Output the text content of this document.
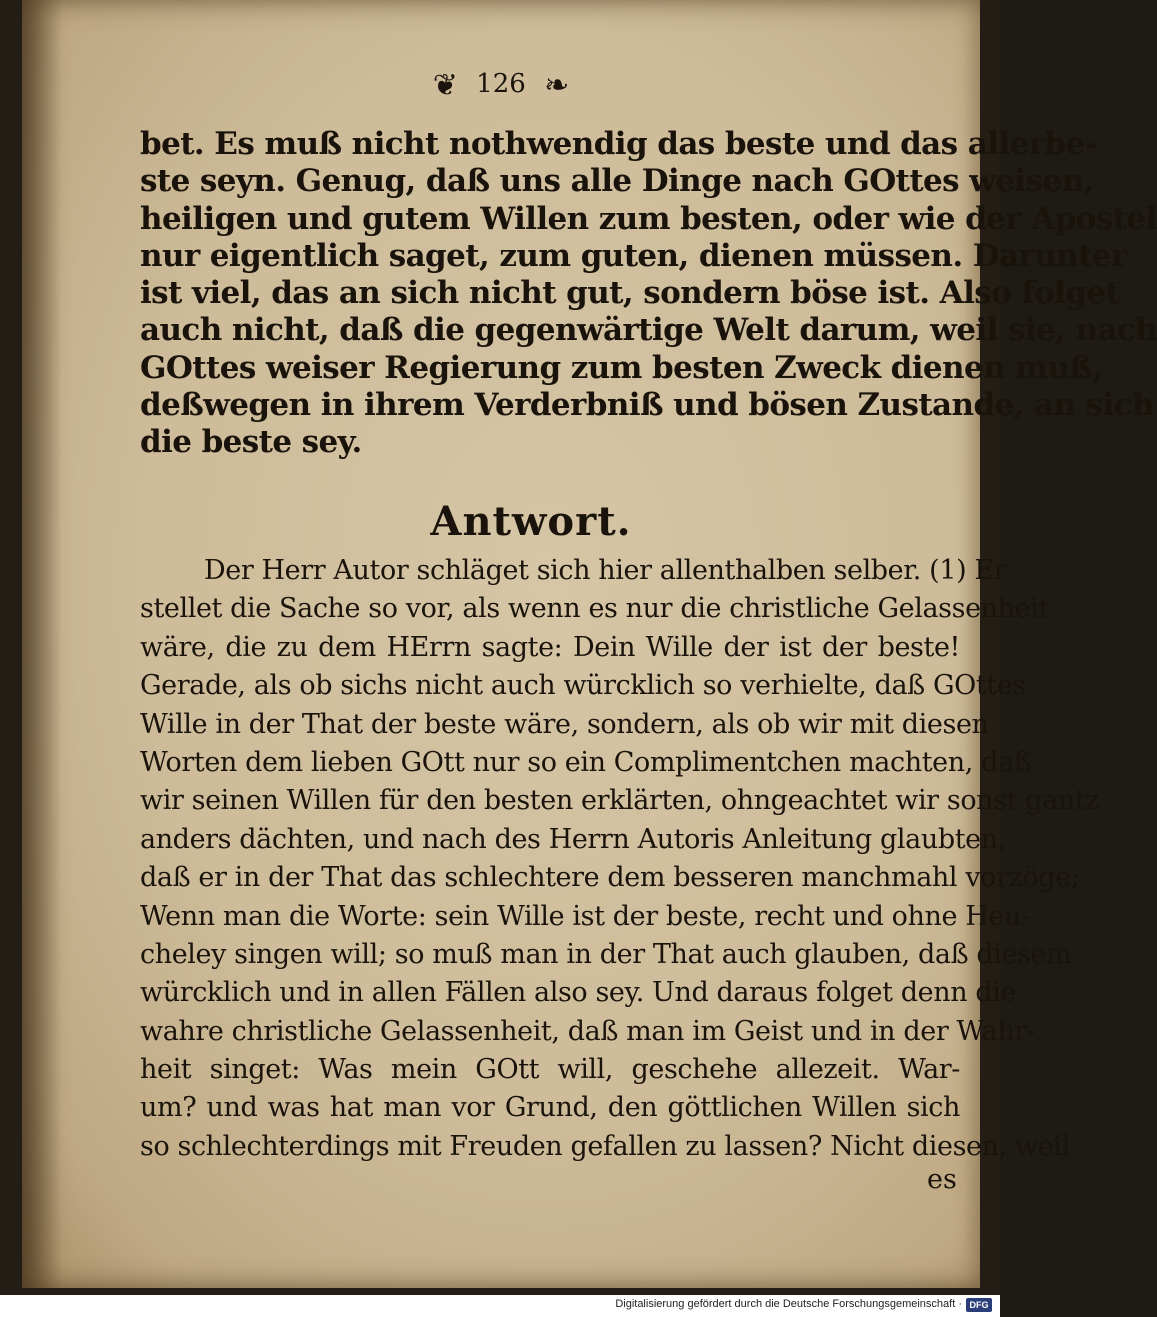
❦ 126 ❧
bet. Es muß nicht nothwendig das beste und das allerbe-
ste seyn. Genug, daß uns alle Dinge nach GOttes weisen,
heiligen und gutem Willen zum besten, oder wie der Apostel
nur eigentlich saget, zum guten, dienen müssen. Darunter
ist viel, das an sich nicht gut, sondern böse ist. Also folget
auch nicht, daß die gegenwärtige Welt darum, weil sie, nach
GOttes weiser Regierung zum besten Zweck dienen muß,
deßwegen in ihrem Verderbniß und bösen Zustande, an sich
die beste sey.
Antwort.
Der Herr Autor schläget sich hier allenthalben selber. (1) Er
stellet die Sache so vor, als wenn es nur die christliche Gelassenheit
wäre, die zu dem HErrn sagte: Dein Wille der ist der beste!
Gerade, als ob sichs nicht auch würcklich so verhielte, daß GOttes
Wille in der That der beste wäre, sondern, als ob wir mit diesen
Worten dem lieben GOtt nur so ein Complimentchen machten, daß
wir seinen Willen für den besten erklärten, ohngeachtet wir sonst gantz
anders dächten, und nach des Herrn Autoris Anleitung glaubten,
daß er in der That das schlechtere dem besseren manchmahl vorzöge;
Wenn man die Worte: sein Wille ist der beste, recht und ohne Heu-
cheley singen will; so muß man in der That auch glauben, daß diesem
würcklich und in allen Fällen also sey. Und daraus folget denn die
wahre christliche Gelassenheit, daß man im Geist und in der Wahr-
heit singet: Was mein GOtt will, geschehe allezeit. War-
um? und was hat man vor Grund, den göttlichen Willen sich
so schlechterdings mit Freuden gefallen zu lassen? Nicht diesen, weil
es
Digitalisierung gefördert durch die Deutsche Forschungsgemeinschaft · DFG
